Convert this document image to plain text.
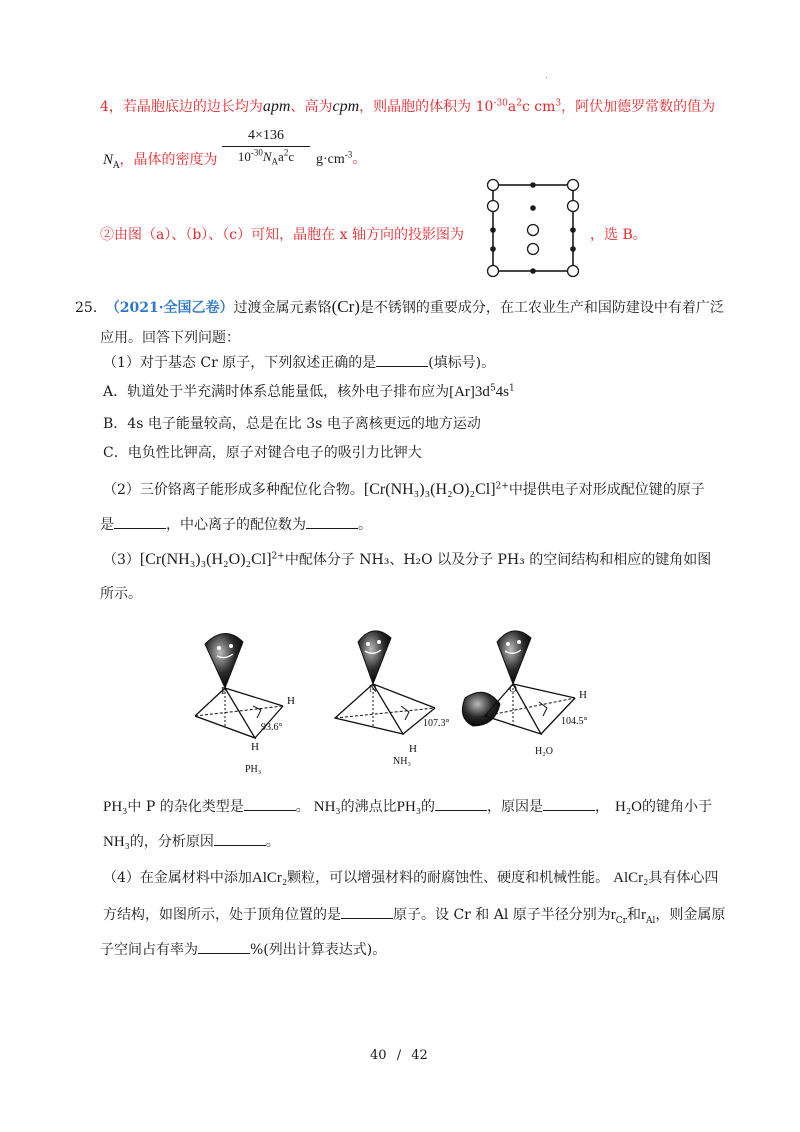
.
4，若晶胞底边的边长均为apm、高为cpm，则晶胞的体积为 $10^{-30}a^2c$ $cm^3$，阿伏加德罗常数的值为
$N_A$，晶体的密度为
4×136
$10^{-30}N_Aa^2c$	$g\cdot cm^{-3}$。
②由图（a）、（b）、（c）可知，晶胞在 x 轴方向的投影图为	，选 B。
25. （2021·全国乙卷）过渡金属元素铬(Cr)是不锈钢的重要成分，在工农业生产和国防建设中有着广泛
应用。回答下列问题：
（1）对于基态 Cr 原子，下列叙述正确的是	(填标号)。
A．轨道处于半充满时体系总能量低，核外电子排布应为$[Ar]3d^54s^1$
B．4s 电子能量较高，总是在比 3s 电子离核更远的地方运动
C．电负性比钾高，原子对键合电子的吸引力比钾大
（2）三价铬离子能形成多种配位化合物。$[Cr(NH_3)_3(H_2O)_2Cl]^{2+}$中提供电子对形成配位键的原子
是	，中心离子的配位数为	。
$(3)[Cr(NH_3)_3(H_2O)_2Cl]^{2+}$中配体分子 NH₃、H₂O 以及分子 PH₃ 的空间结构和相应的键角如图
所示。
P
H
H
93.6°
PH₃
N
H
107.3°
NH₃
O	H
104.5°
H₂O
PH₃中 P 的杂化类型是	。 NH₃的沸点比PH₃的	，原因是	， H₂O的键角小于
NH₃的，分析原因	。
（4）在金属材料中添加AlCr₂颗粒，可以增强材料的耐腐蚀性、硬度和机械性能。 AlCr₂具有体心四
方结构，如图所示，处于顶角位置的是	原子。设 Cr 和 Al 原子半径分别为$r_{Cr}$和$r_{Al}$，则金属原
子空间占有率为	%(列出计算表达式)。
40 / 42
